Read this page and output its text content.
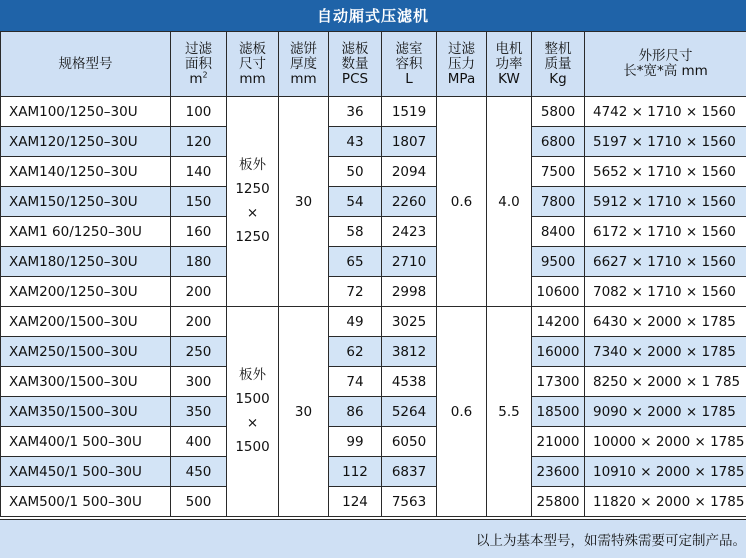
自动厢式压滤机
规格型号	过滤
面积
$m^2$	滤板
尺寸
mm	滤饼
厚度
mm	滤板
数量
PCS	滤室
容积
L	过滤
压力
MPa	电机
功率
KW	整机
质量
Kg	外形尺寸
长*宽*高 mm
XAM100/1250–30U	100	板外
1250
×
1250	30	36	1519	0.6	4.0	5800	4742 × 1710 × 1560
XAM120/1250–30U	120			43	1807			6800	5197 × 1710 × 1560
XAM140/1250–30U	140			50	2094			7500	5652 × 1710 × 1560
XAM150/1250–30U	150			54	2260			7800	5912 × 1710 × 1560
XAM1 60/1250–30U	160			58	2423			8400	6172 × 1710 × 1560
XAM180/1250–30U	180			65	2710			9500	6627 × 1710 × 1560
XAM200/1250–30U	200			72	2998			10600	7082 × 1710 × 1560
XAM200/1500–30U	200	板外
1500
×
1500	30	49	3025	0.6	5.5	14200	6430 × 2000 × 1785
XAM250/1500–30U	250			62	3812			16000	7340 × 2000 × 1785
XAM300/1500–30U	300			74	4538			17300	8250 × 2000 × 1 785
XAM350/1500–30U	350			86	5264			18500	9090 × 2000 × 1785
XAM400/1 500–30U	400			99	6050			21000	10000 × 2000 × 1785
XAM450/1 500–30U	450			112	6837			23600	10910 × 2000 × 1785
XAM500/1 500–30U	500			124	7563			25800	11820 × 2000 × 1785
以上为基本型号，如需特殊需要可定制产品。
